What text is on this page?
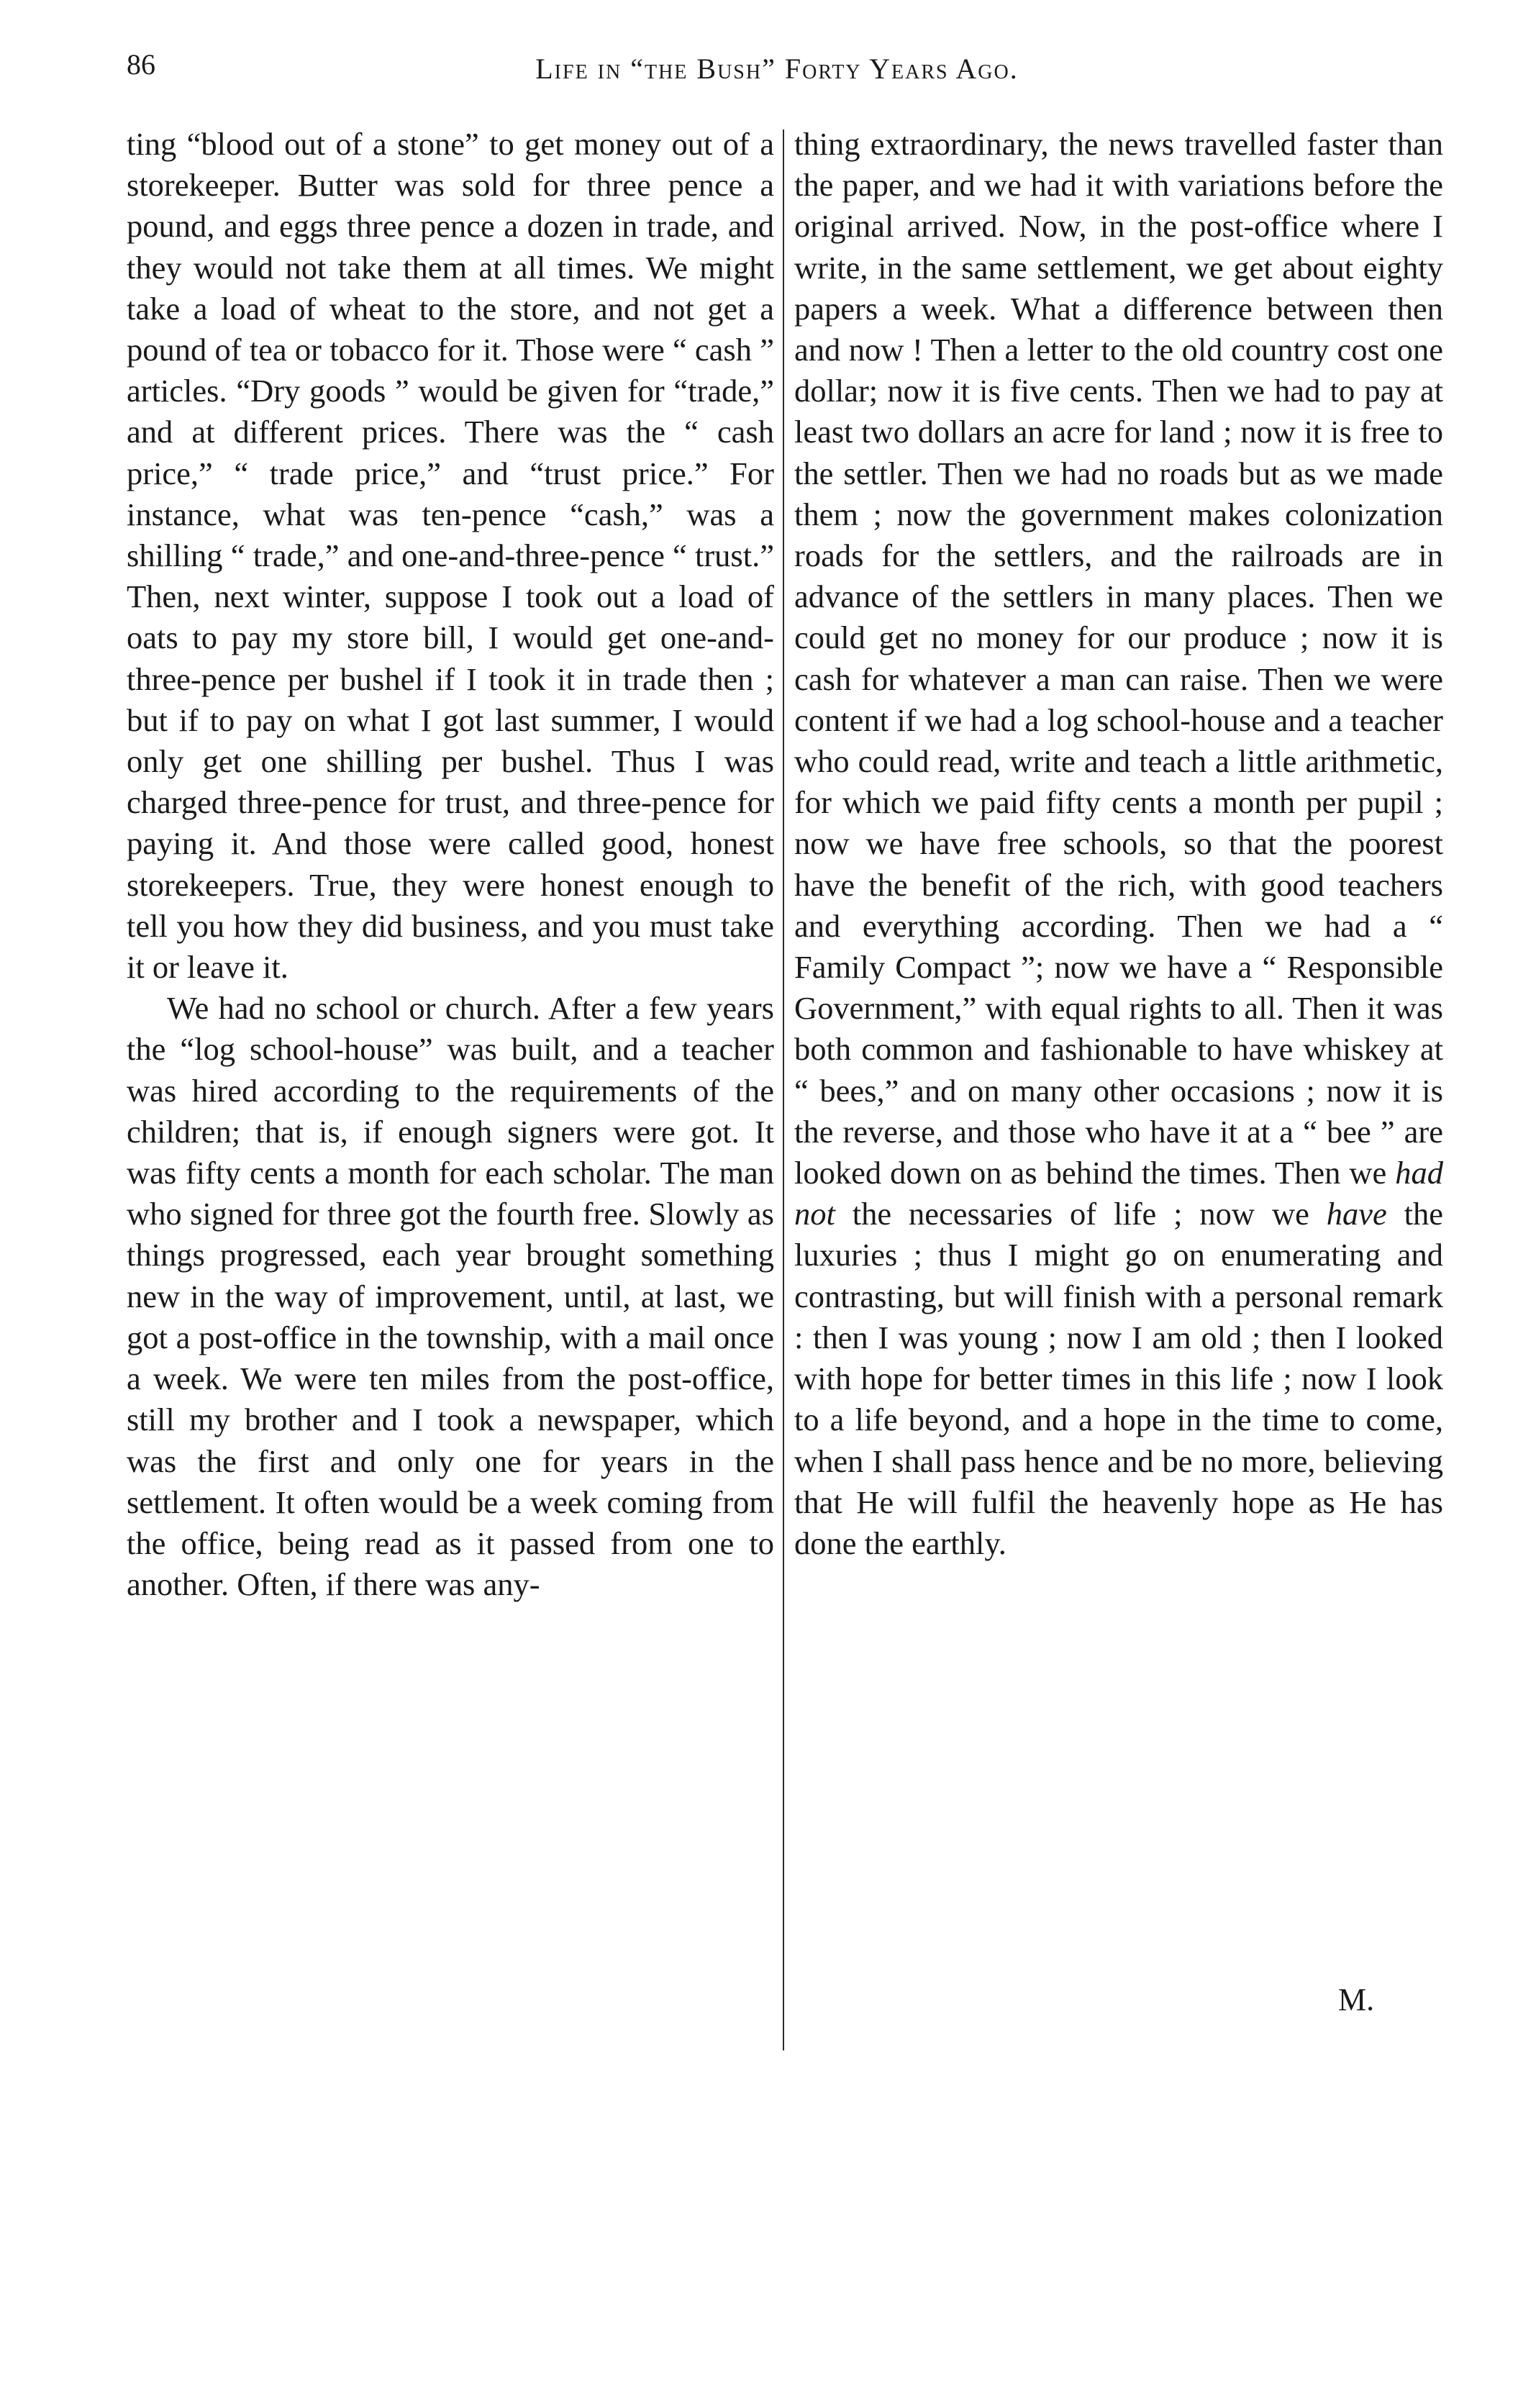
86	Life in “the Bush” Forty Years Ago.

ting “blood out of a stone” to get money out of a storekeeper. Butter was sold for three pence a pound, and eggs three pence a dozen in trade, and they would not take them at all times. We might take a load of wheat to the store, and not get a pound of tea or tobacco for it. Those were “ cash ” articles. “Dry goods ” would be given for “trade,” and at different prices. There was the “ cash price,” “ trade price,” and “trust price.” For instance, what was ten-pence “cash,” was a shilling “ trade,” and one-and-three-pence “ trust.” Then, next winter, suppose I took out a load of oats to pay my store bill, I would get one-and-three-pence per bushel if I took it in trade then ; but if to pay on what I got last summer, I would only get one shilling per bushel. Thus I was charged three-pence for trust, and three-pence for paying it. And those were called good, honest storekeepers. True, they were honest enough to tell you how they did business, and you must take it or leave it.

We had no school or church. After a few years the “log school-house” was built, and a teacher was hired according to the requirements of the children; that is, if enough signers were got. It was fifty cents a month for each scholar. The man who signed for three got the fourth free. Slowly as things progressed, each year brought something new in the way of improvement, until, at last, we got a post-office in the township, with a mail once a week. We were ten miles from the post-office, still my brother and I took a newspaper, which was the first and only one for years in the settlement. It often would be a week coming from the office, being read as it passed from one to another. Often, if there was any-

thing extraordinary, the news travelled faster than the paper, and we had it with variations before the original arrived. Now, in the post-office where I write, in the same settlement, we get about eighty papers a week. What a difference between then and now ! Then a letter to the old country cost one dollar; now it is five cents. Then we had to pay at least two dollars an acre for land ; now it is free to the settler. Then we had no roads but as we made them ; now the government makes colonization roads for the settlers, and the railroads are in advance of the settlers in many places. Then we could get no money for our produce ; now it is cash for whatever a man can raise. Then we were content if we had a log school-house and a teacher who could read, write and teach a little arithmetic, for which we paid fifty cents a month per pupil ; now we have free schools, so that the poorest have the benefit of the rich, with good teachers and everything according. Then we had a “ Family Compact ”; now we have a “ Responsible Government,” with equal rights to all. Then it was both common and fashionable to have whiskey at “ bees,” and on many other occasions ; now it is the reverse, and those who have it at a “ bee ” are looked down on as behind the times. Then we had not the necessaries of life ; now we have the luxuries ; thus I might go on enumerating and contrasting, but will finish with a personal remark : then I was young ; now I am old ; then I looked with hope for better times in this life ; now I look to a life beyond, and a hope in the time to come, when I shall pass hence and be no more, believing that He will fulfil the heavenly hope as He has done the earthly.

M.
